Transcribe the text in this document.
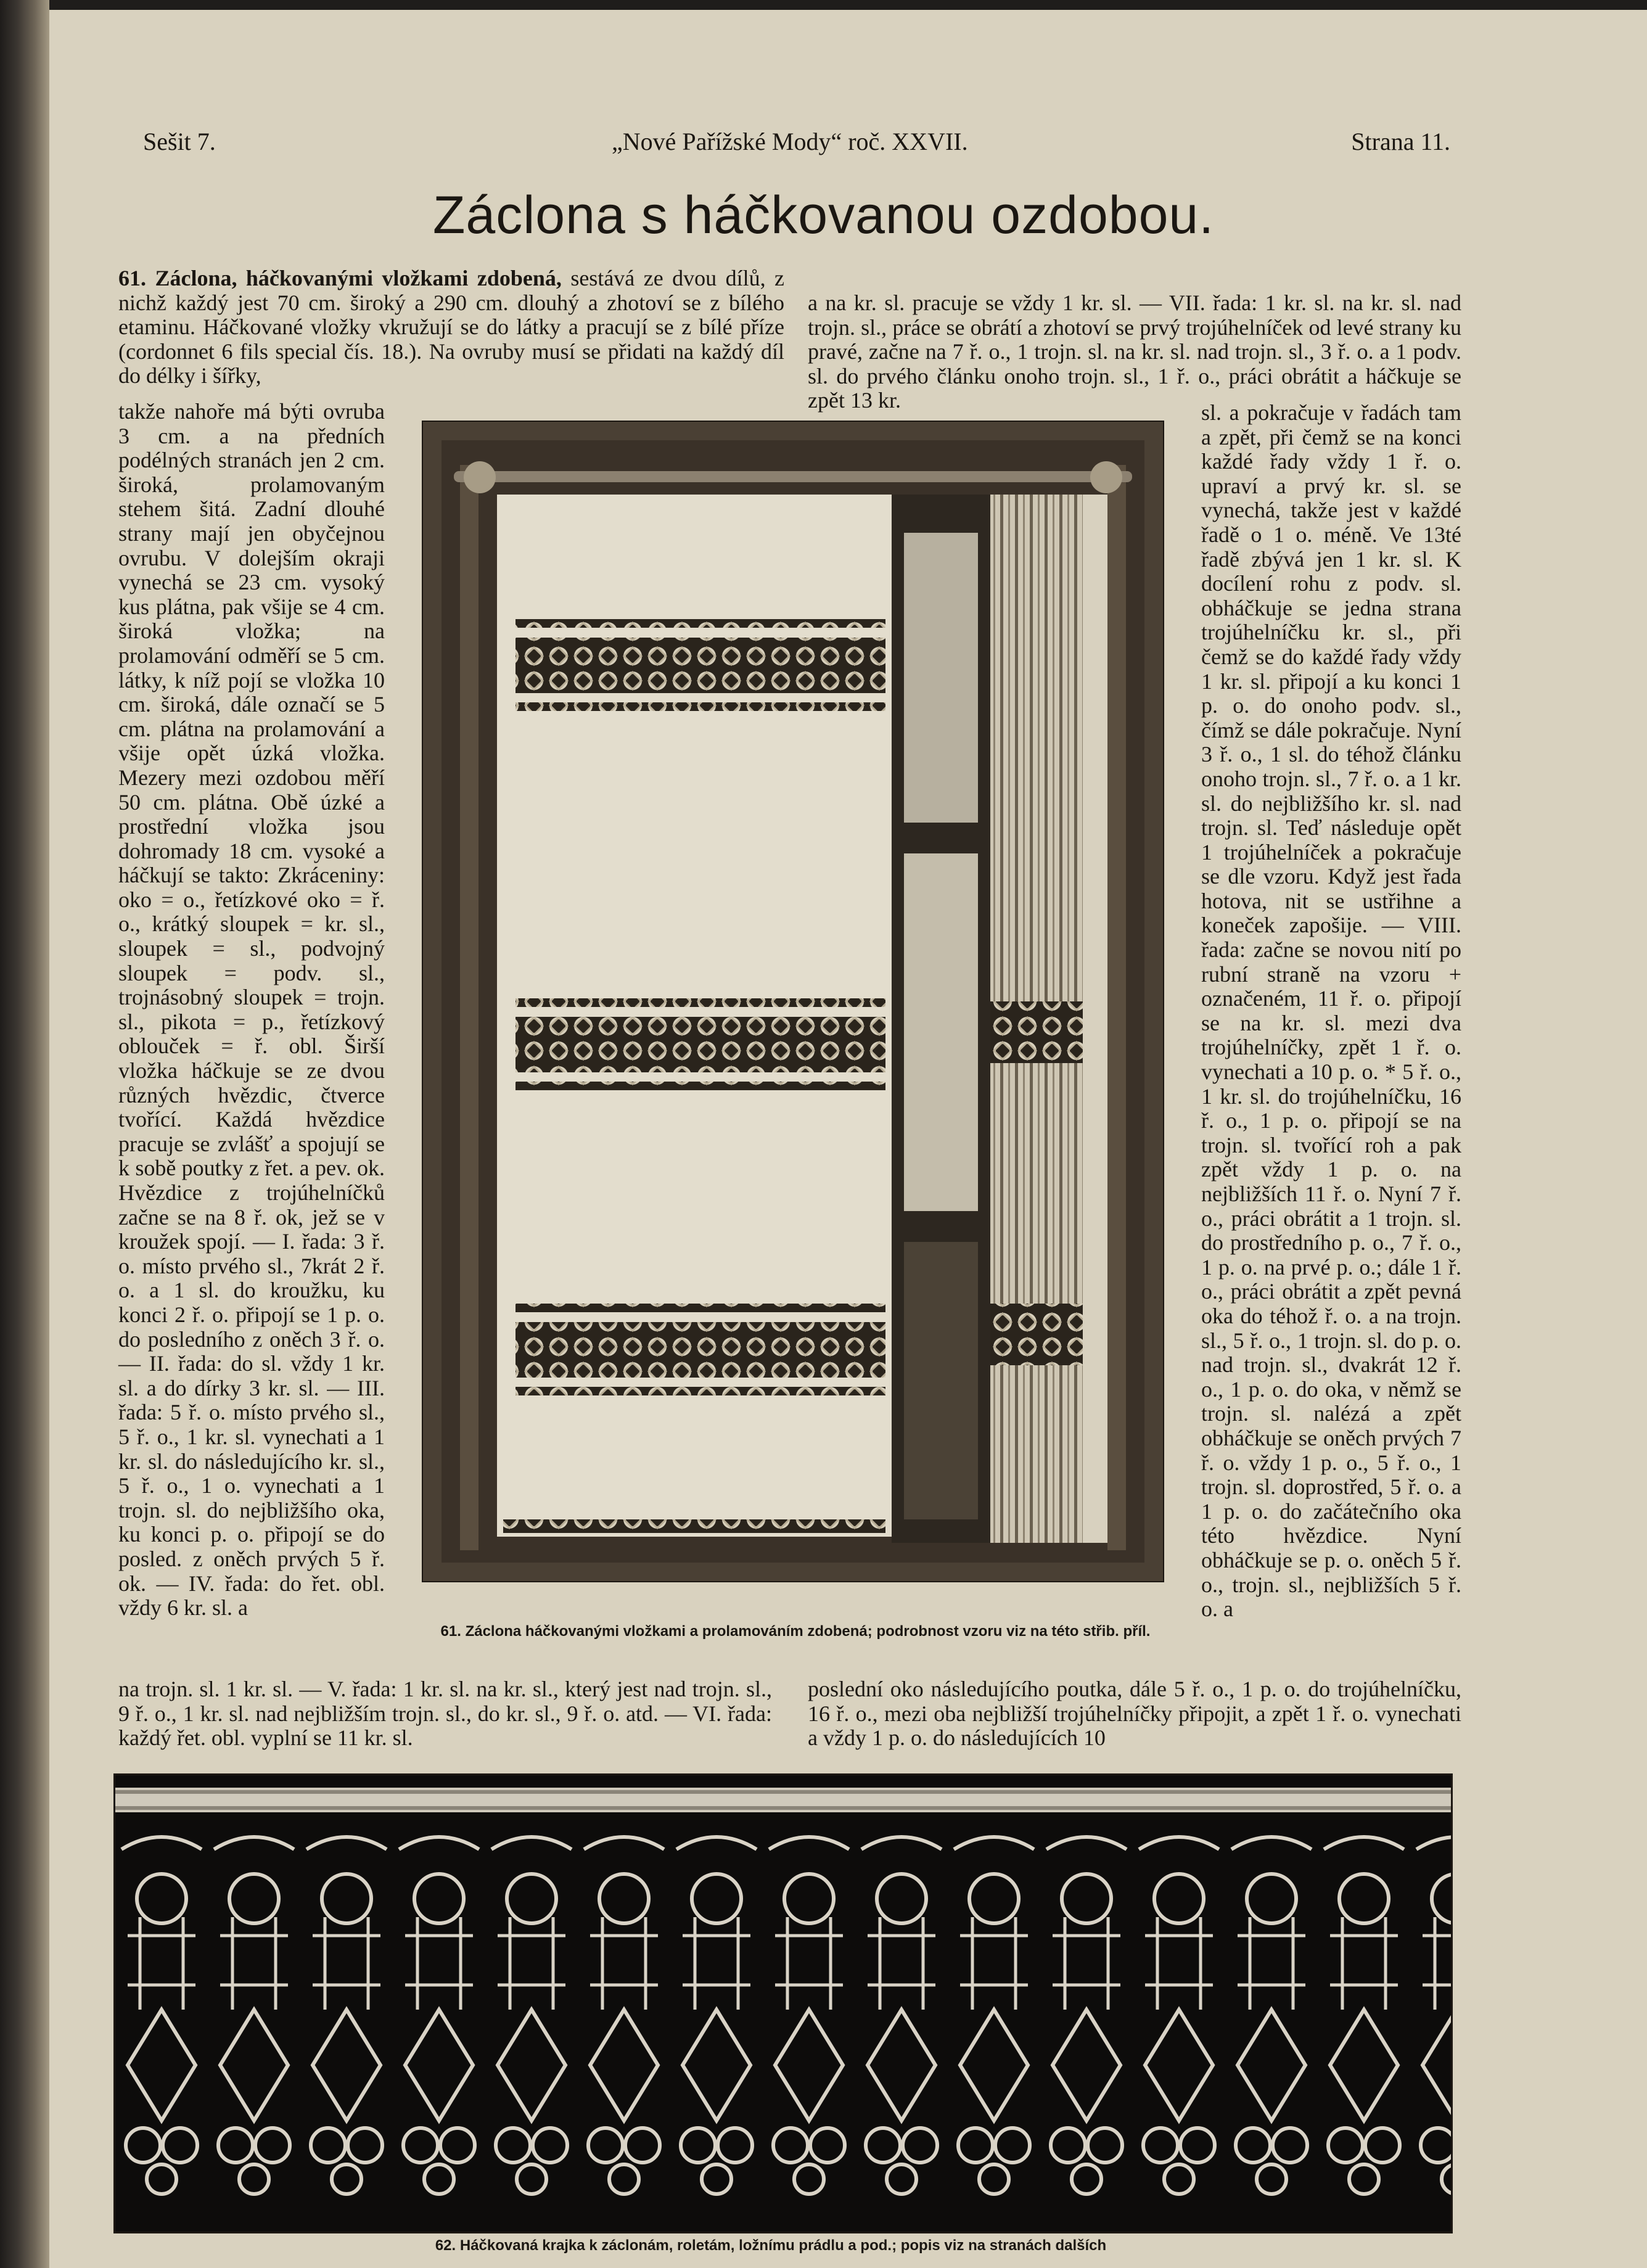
Sešit 7.	„Nové Pařížské Mody“ roč. XXVII.	Strana 11.
Záclona s háčkovanou ozdobou.

61. Záclona, háčkovanými vložkami zdobená, sestává ze dvou dílů, z nichž každý jest 70 cm. široký a 290 cm. dlouhý a zhotoví se z bílého etaminu. Háčkované vložky vkružují se do látky a pracují se z bílé příze (cordonnet 6 fils special čís. 18.). Na ovruby musí se přidati na každý díl do délky i šířky,

takže nahoře má býti ovruba 3 cm. a na předních podélných stranách jen 2 cm. široká, prolamovaným stehem šitá. Zadní dlouhé strany mají jen obyčejnou ovrubu. V dolejším okraji vynechá se 23 cm. vysoký kus plátna, pak všije se 4 cm. široká vložka; na prolamování odměří se 5 cm. látky, k níž pojí se vložka 10 cm. široká, dále označí se 5 cm. plátna na prolamování a všije opět úzká vložka. Mezery mezi ozdobou měří 50 cm. plátna. Obě úzké a prostřední vložka jsou dohromady 18 cm. vysoké a háčkují se takto: Zkráceniny: oko = o., řetízkové oko = ř. o., krátký sloupek = kr. sl., sloupek = sl., podvojný sloupek = podv. sl., trojnásobný sloupek = trojn. sl., pikota = p., řetízkový oblouček = ř. obl. Širší vložka háčkuje se ze dvou různých hvězdic, čtverce tvořící. Každá hvězdice pracuje se zvlášť a spojují se k sobě poutky z řet. a pev. ok. Hvězdice z trojúhelníčků začne se na 8 ř. ok, jež se v kroužek spojí. — I. řada: 3 ř. o. místo prvého sl., 7krát 2 ř. o. a 1 sl. do kroužku, ku konci 2 ř. o. připojí se 1 p. o. do posledního z oněch 3 ř. o. — II. řada: do sl. vždy 1 kr. sl. a do dírky 3 kr. sl. — III. řada: 5 ř. o. místo prvého sl., 5 ř. o., 1 kr. sl. vynechati a 1 kr. sl. do následujícího kr. sl., 5 ř. o., 1 o. vynechati a 1 trojn. sl. do nejbližšího oka, ku konci p. o. připojí se do posled. z oněch prvých 5 ř. ok. — IV. řada: do řet. obl. vždy 6 kr. sl. a

na trojn. sl. 1 kr. sl. — V. řada: 1 kr. sl. na kr. sl., který jest nad trojn. sl., 9 ř. o., 1 kr. sl. nad nejbližším trojn. sl., do kr. sl., 9 ř. o. atd. — VI. řada: každý řet. obl. vyplní se 11 kr. sl.

a na kr. sl. pracuje se vždy 1 kr. sl. — VII. řada: 1 kr. sl. na kr. sl. nad trojn. sl., práce se obrátí a zhotoví se prvý trojúhelníček od levé strany ku pravé, začne na 7 ř. o., 1 trojn. sl. na kr. sl. nad trojn. sl., 3 ř. o. a 1 podv. sl. do prvého článku onoho trojn. sl., 1 ř. o., práci obrátit a háčkuje se zpět 13 kr.	sl. a pokračuje v řadách tam a zpět, při čemž se na konci každé řady vždy 1 ř. o. upraví a prvý kr. sl. se vynechá, takže jest v každé řadě o 1 o. méně. Ve 13té řadě zbývá jen 1 kr. sl. K docílení rohu z podv. sl. obháčkuje se jedna strana trojúhelníčku kr. sl., při čemž se do každé řady vždy 1 kr. sl. připojí a ku konci 1 p. o. do onoho podv. sl., čímž se dále pokračuje. Nyní 3 ř. o., 1 sl. do téhož článku onoho trojn. sl., 7 ř. o. a 1 kr. sl. do nejbližšího kr. sl. nad trojn. sl. Teď následuje opět 1 trojúhelníček a pokračuje se dle vzoru. Když jest řada hotova, nit se ustřihne a koneček zapošije. — VIII. řada: začne se novou nití po rubní straně na vzoru + označeném, 11 ř. o. připojí se na kr. sl. mezi dva trojúhelníčky, zpět 1 ř. o. vynechati a 10 p. o. * 5 ř. o., 1 kr. sl. do trojúhelníčku, 16 ř. o., 1 p. o. připojí se na trojn. sl. tvořící roh a pak zpět vždy 1 p. o. na nejbližších 11 ř. o. Nyní 7 ř. o., práci obrátit a 1 trojn. sl. do prostředního p. o., 7 ř. o., 1 p. o. na prvé p. o.; dále 1 ř. o., práci obrátit a zpět pevná oka do téhož ř. o. a na trojn. sl., 5 ř. o., 1 trojn. sl. do p. o. nad trojn. sl., dvakrát 12 ř. o., 1 p. o. do oka, v němž se trojn. sl. nalézá a zpět obháčkuje se oněch prvých 7 ř. o. vždy 1 p. o., 5 ř. o., 1 trojn. sl. doprostřed, 5 ř. o. a 1 p. o. do začátečního oka této hvězdice. Nyní obháčkuje se p. o. oněch 5 ř. o., trojn. sl., nejbližších 5 ř. o. a

poslední oko následujícího poutka, dále 5 ř. o., 1 p. o. do trojúhelníčku, 16 ř. o., mezi oba nejbližší trojúhelníčky připojit, a zpět 1 ř. o. vynechati a vždy 1 p. o. do následujících 10

61. Záclona háčkovanými vložkami a prolamováním zdobená; podrobnost vzoru viz na této střib. příl.
62. Háčkovaná krajka k záclonám, roletám, ložnímu prádlu a pod.; popis viz na stranách dalších
